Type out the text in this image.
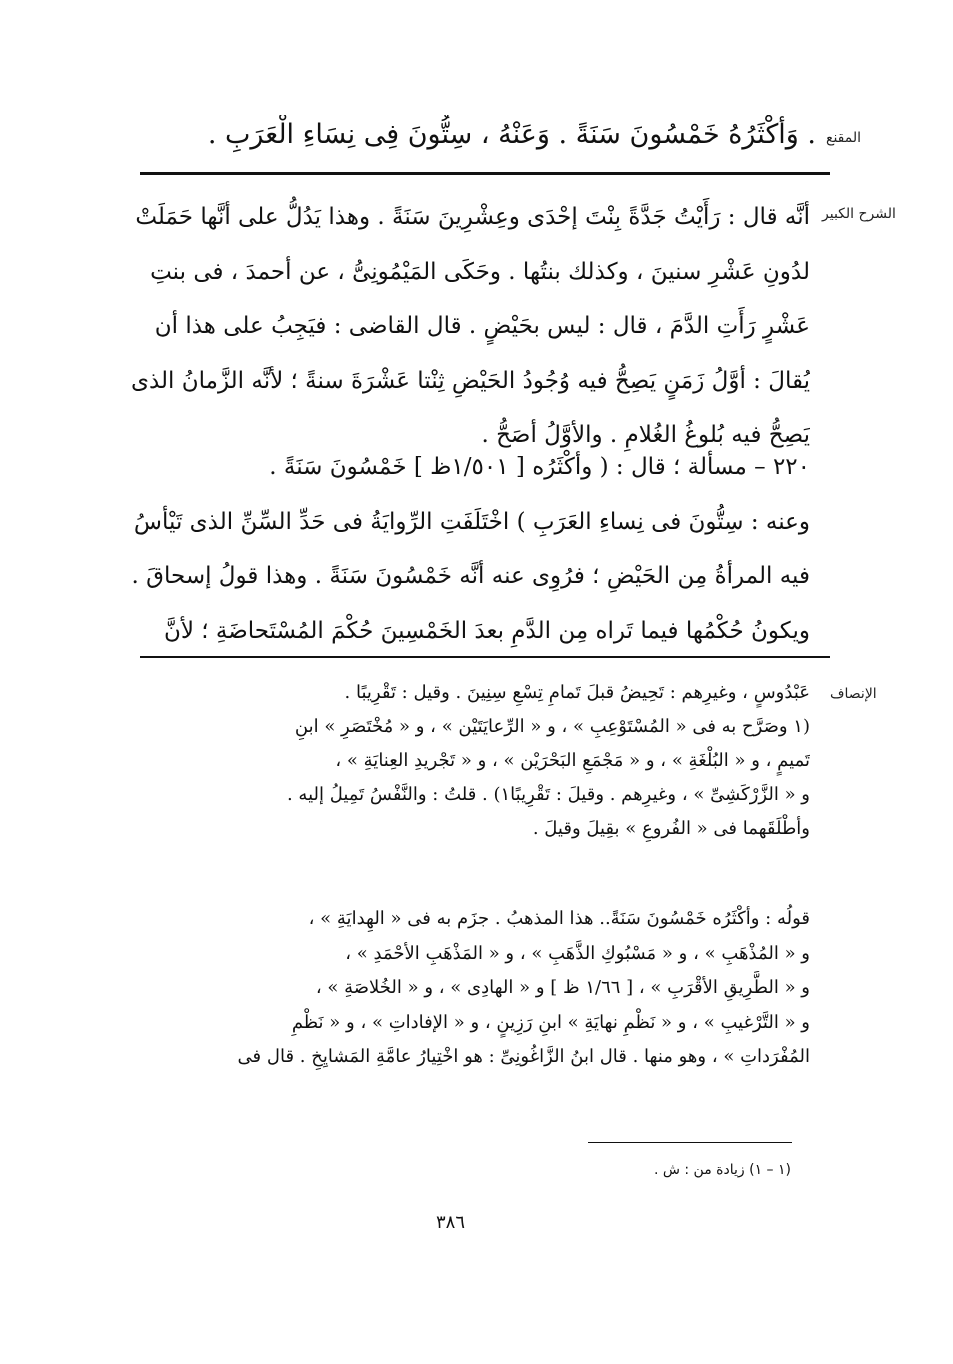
المقنع
. وَأَكْثَرُهُ خَمْسُونَ سَنَةً . وَعَنْهُ ، سِتُّونَ فِى نِسَاءِ الْعَرَبِ .
الشرح الكبير
أنَّه قال : رَأَيْتُ جَدَّةً بِنْتَ إحْدَى وعِشْرِينَ سَنَةً . وهذا يَدُلُّ على أنَّها حَمَلَتْ
لدُونِ عَشْرِ سنينَ ، وكذلك بنتُها . وحَكَى المَيْمُونِىُّ ، عن أحمدَ ، فى بنتِ
عَشْرٍ رَأَتِ الدَّمَ ، قال : ليس بحَيْضٍ . قال القاضى : فيَجِبُ على هذا أن
يُقالَ : أوَّلُ زَمَنٍ يَصِحُّ فيه وُجُودُ الحَيْضِ ثِنْتا عَشْرَةَ سنةً ؛ لأنَّه الزَّمانُ الذى
يَصِحُّ فيه بُلوغُ الغُلامِ . والأوَّلُ أصَحُّ .
٢٢٠ – مسألة ؛ قال : ( وأكْثَرُه [ ١/٥٠١ظ ] خَمْسُونَ سَنَةً .
وعنه : سِتُّونَ فى نِساءِ العَرَبِ ) اخْتَلَفَتِ الرِّوايَةُ فى حَدِّ السِّنِّ الذى تَيْأسُ
فيه المرأةُ مِن الحَيْضِ ؛ فرُوِى عنه أنَّه خَمْسُونَ سَنَةً . وهذا قولُ إسحاقَ .
ويكونُ حُكْمُها فيما تَراه مِن الدَّمِ بعدَ الخَمْسِينَ حُكْمَ المُسْتَحاضَةِ ؛ لأنَّ
الإنصاف
عَبْدُوسٍ ، وغيرِهم : تَحِيضُ قبلَ تَمامِ تِسْعِ سِنِينَ . وقيل : تَقْرِيبًا .
(١ وصَرَّح به فى « المُسْتَوْعِبِ » ، و « الرِّعايَتَيْن » ، و « مُخْتَصَرِ » ابنِ
تَميمٍ ، و « البُلْغَةِ » ، و « مَجْمَعِ البَحْرَيْن » ، و « تَجْريدِ العِنايَةِ » ،
و « الزَّرْكَشِىِّ » ، وغيرِهم . وقيلَ : تَقْرِيبًا١) . قلتُ : والنَّفْسُ تَمِيلُ إليه .
وأطْلَقَهما فى « الفُروعِ » بقِيلَ وقيلَ .
قولُه : وأكْثَرُه خَمْسُونَ سَنَةً.. هذا المذهبُ . جزَم به فى « الهِدايَةِ » ،
و « المُذْهَبِ » ، و « مَسْبُوكِ الذَّهَبِ » ، و « المَذْهَبِ الأحْمَدِ » ،
و « الطَّرِيقِ الأقْرَبِ » ، [ ١/٦٦ ظ ] و « الهادِى » ، و « الخُلاصَةِ » ،
و « التَّرْغيبِ » ، و « نَظْمِ نهايَةِ » ابنِ رَزِينٍ ، و « الإفاداتِ » ، و « نَظْمِ
المُفْرَداتِ » ، وهو منها . قال ابنُ الزَّاغُونِىِّ : هو اخْتِيارُ عامَّةِ المَشايِخِ . قال فى
(١ – ١) زيادة من : ش .
٣٨٦
